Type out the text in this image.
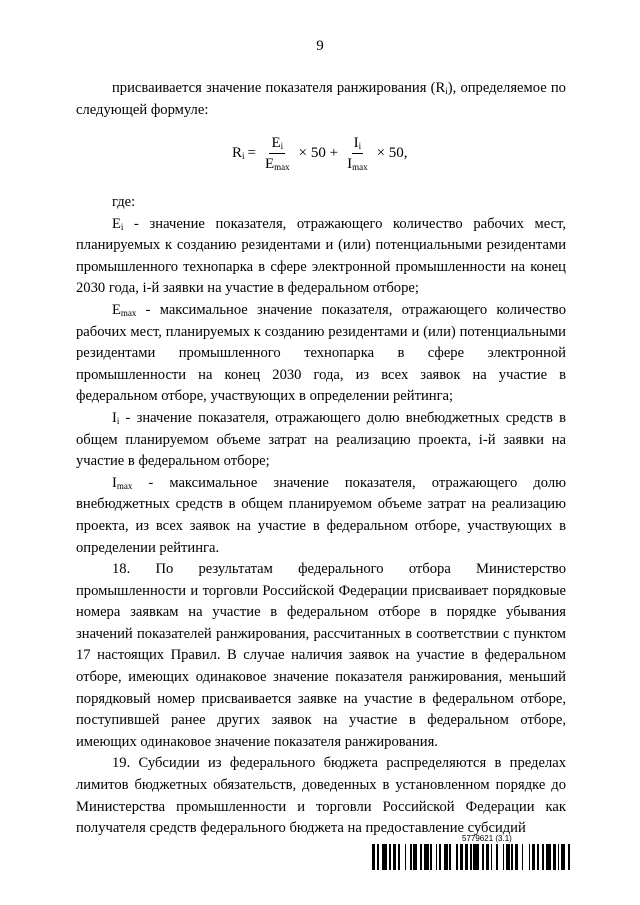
9

присваивается значение показателя ранжирования $(R_i)$, определяемое по следующей формуле:

$R_i = \frac{E_i}{E_{max}} \times 50 + \frac{I_i}{I_{max}} \times 50$,

где:

$E_i$ - значение показателя, отражающего количество рабочих мест, планируемых к созданию резидентами и (или) потенциальными резидентами промышленного технопарка в сфере электронной промышленности на конец 2030 года, i-й заявки на участие в федеральном отборе;

$E_{max}$ - максимальное значение показателя, отражающего количество рабочих мест, планируемых к созданию резидентами и (или) потенциальными резидентами промышленного технопарка в сфере электронной промышленности на конец 2030 года, из всех заявок на участие в федеральном отборе, участвующих в определении рейтинга;

$I_i$ - значение показателя, отражающего долю внебюджетных средств в общем планируемом объеме затрат на реализацию проекта, i-й заявки на участие в федеральном отборе;

$I_{max}$ - максимальное значение показателя, отражающего долю внебюджетных средств в общем планируемом объеме затрат на реализацию проекта, из всех заявок на участие в федеральном отборе, участвующих в определении рейтинга.

18. По результатам федерального отбора Министерство промышленности и торговли Российской Федерации присваивает порядковые номера заявкам на участие в федеральном отборе в порядке убывания значений показателей ранжирования, рассчитанных в соответствии с пунктом 17 настоящих Правил. В случае наличия заявок на участие в федеральном отборе, имеющих одинаковое значение показателя ранжирования, меньший порядковый номер присваивается заявке на участие в федеральном отборе, поступившей ранее других заявок на участие в федеральном отборе, имеющих одинаковое значение показателя ранжирования.

19. Субсидии из федерального бюджета распределяются в пределах лимитов бюджетных обязательств, доведенных в установленном порядке до Министерства промышленности и торговли Российской Федерации как получателя средств федерального бюджета на предоставление субсидий

5779621 (3.1)
